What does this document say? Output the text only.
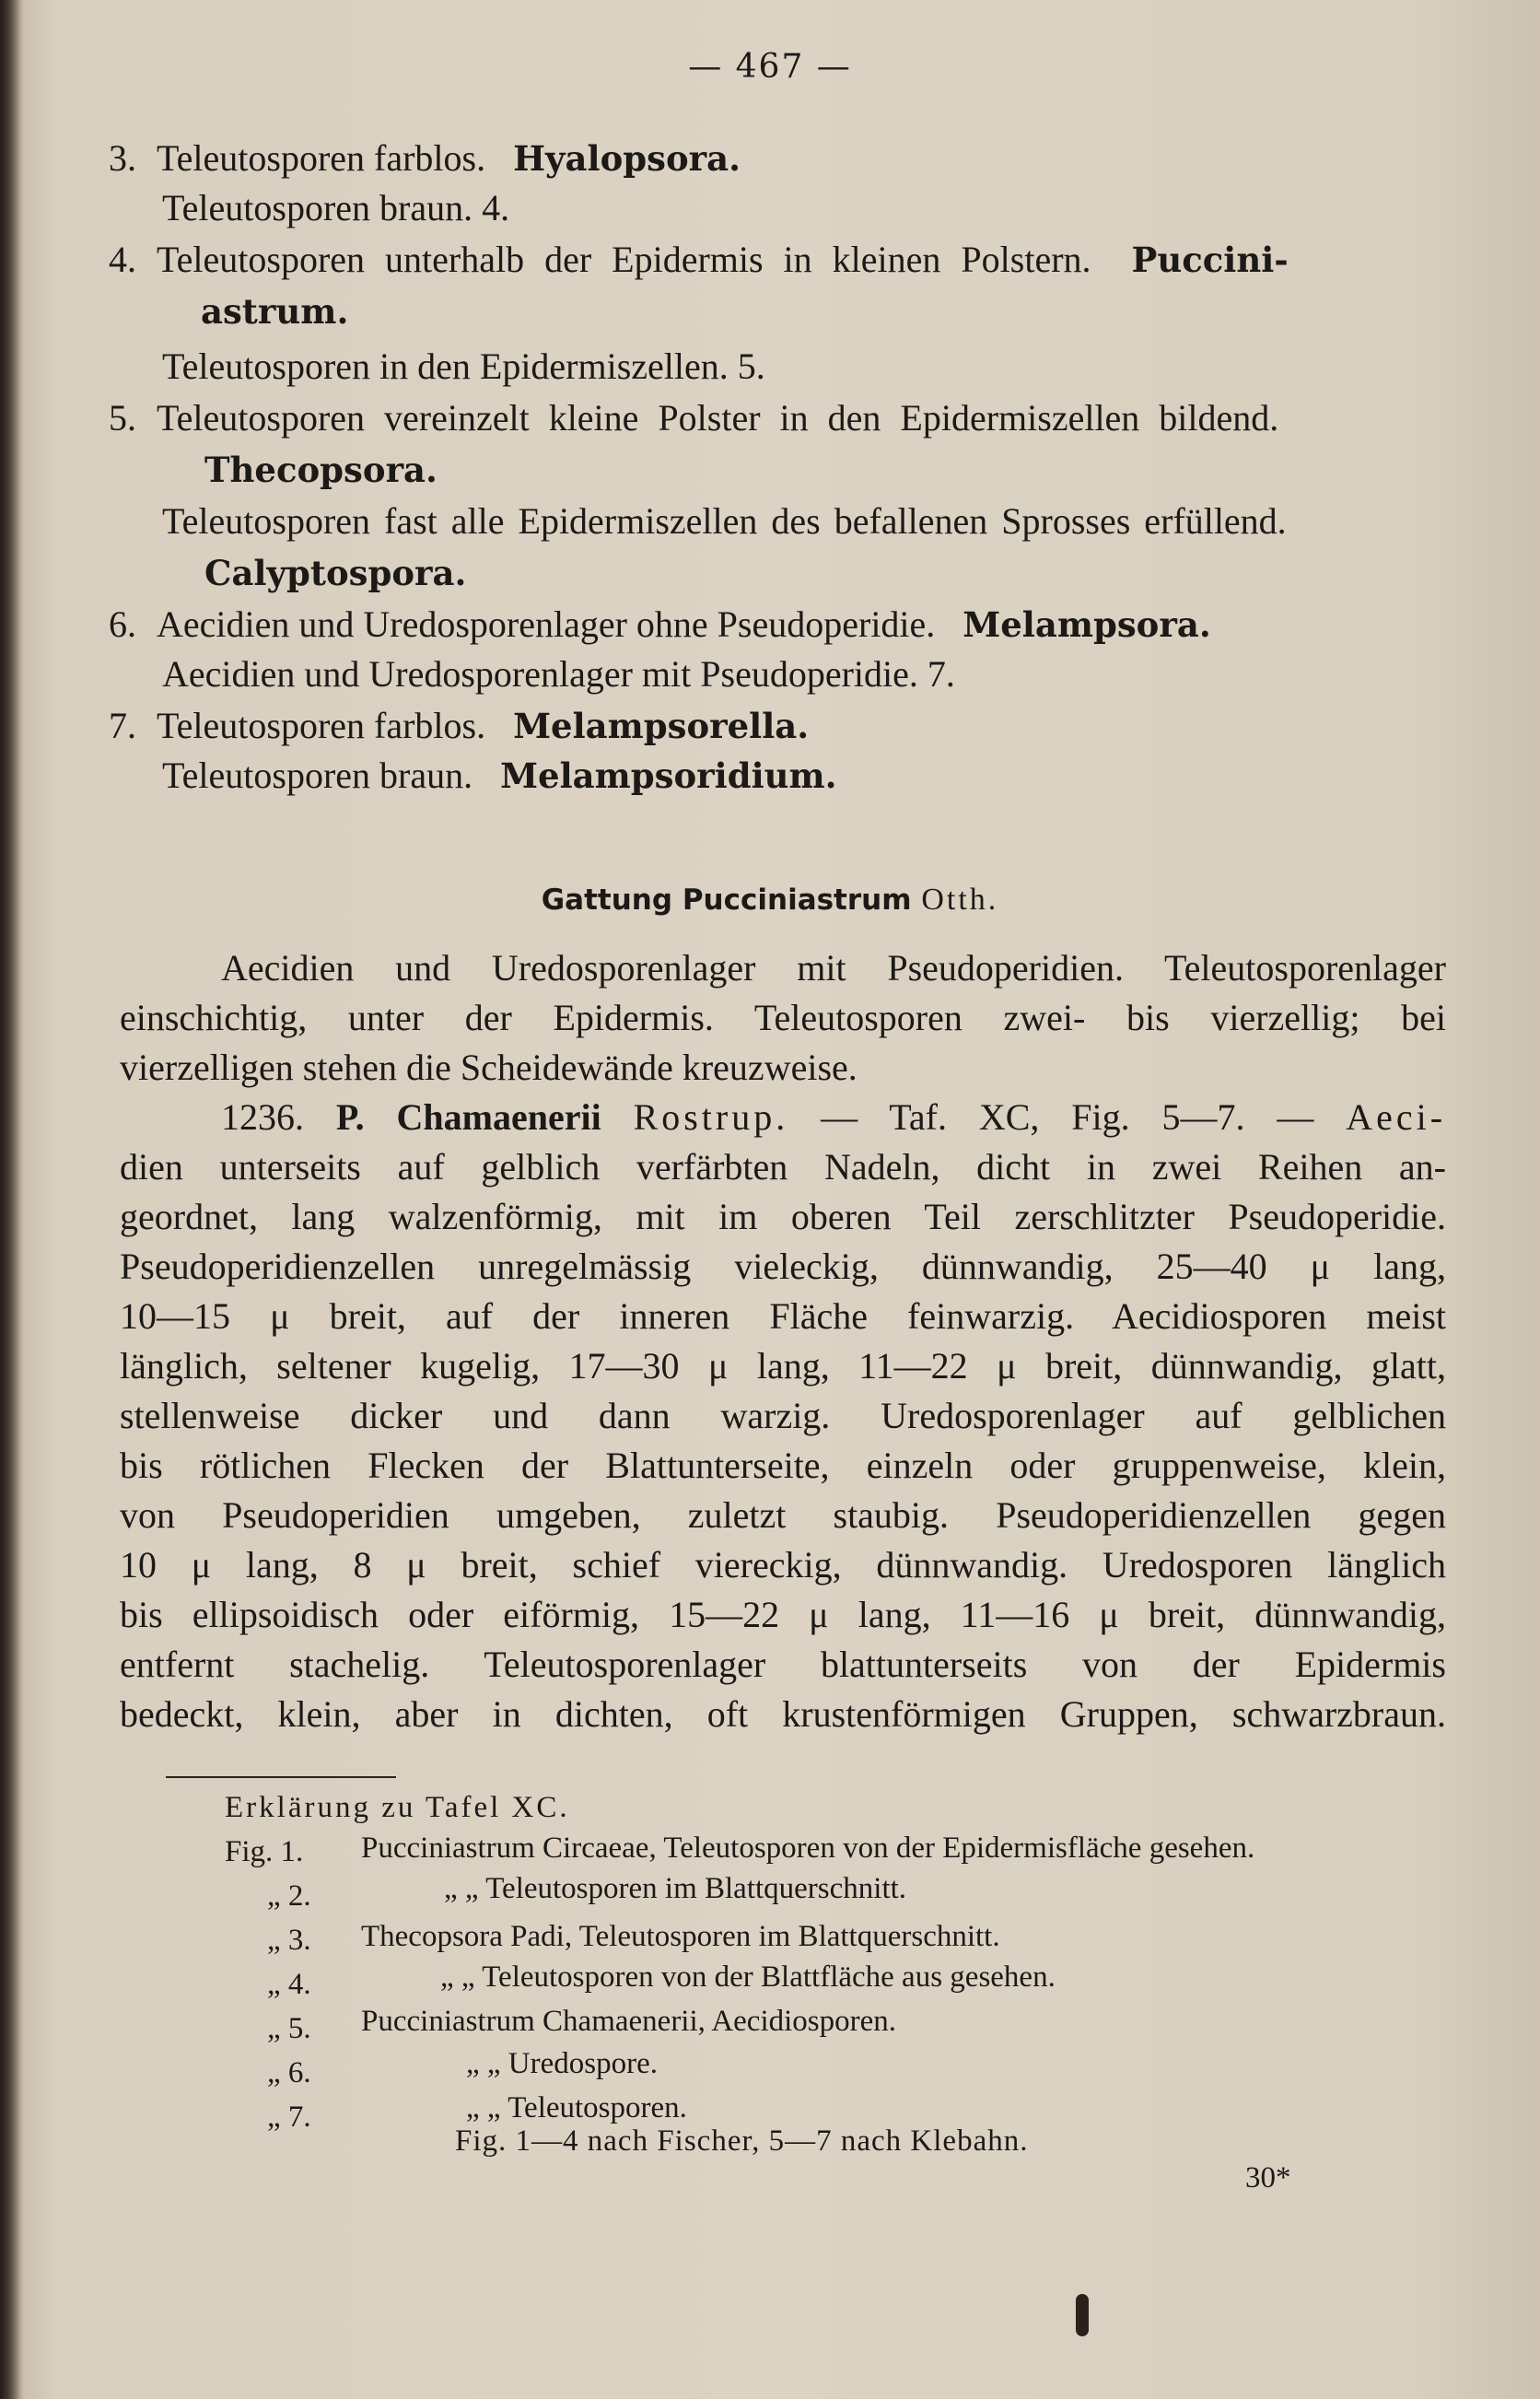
— 467 —
3. Teleutosporen farblos. Hyalopsora.
Teleutosporen braun. 4.
4. Teleutosporen unterhalb der Epidermis in kleinen Polstern. Puccini-
astrum.
Teleutosporen in den Epidermiszellen. 5.
5. Teleutosporen vereinzelt kleine Polster in den Epidermiszellen bildend.
Thecopsora.
Teleutosporen fast alle Epidermiszellen des befallenen Sprosses erfüllend.
Calyptospora.
6. Aecidien und Uredosporenlager ohne Pseudoperidie. Melampsora.
Aecidien und Uredosporenlager mit Pseudoperidie. 7.
7. Teleutosporen farblos. Melampsorella.
Teleutosporen braun. Melampsoridium.
Gattung Pucciniastrum Otth.
Aecidien und Uredosporenlager mit Pseudoperidien. Teleutosporenlager
einschichtig, unter der Epidermis. Teleutosporen zwei- bis vierzellig; bei
vierzelligen stehen die Scheidewände kreuzweise.
1236. P. Chamaenerii Rostrup. — Taf. XC, Fig. 5—7. — Aeci-
dien unterseits auf gelblich verfärbten Nadeln, dicht in zwei Reihen an-
geordnet, lang walzenförmig, mit im oberen Teil zerschlitzter Pseudoperidie.
Pseudoperidienzellen unregelmässig vieleckig, dünnwandig, 25—40 μ lang,
10—15 μ breit, auf der inneren Fläche feinwarzig. Aecidiosporen meist
länglich, seltener kugelig, 17—30 μ lang, 11—22 μ breit, dünnwandig, glatt,
stellenweise dicker und dann warzig. Uredosporenlager auf gelblichen
bis rötlichen Flecken der Blattunterseite, einzeln oder gruppenweise, klein,
von Pseudoperidien umgeben, zuletzt staubig. Pseudoperidienzellen gegen
10 μ lang, 8 μ breit, schief viereckig, dünnwandig. Uredosporen länglich
bis ellipsoidisch oder eiförmig, 15—22 μ lang, 11—16 μ breit, dünnwandig,
entfernt stachelig. Teleutosporenlager blattunterseits von der Epidermis
bedeckt, klein, aber in dichten, oft krustenförmigen Gruppen, schwarzbraun.
Erklärung zu Tafel XC.
Fig. 1. Pucciniastrum Circaeae, Teleutosporen von der Epidermisfläche gesehen.
„ 2.	„ „ Teleutosporen im Blattquerschnitt.
„ 3. Thecopsora Padi, Teleutosporen im Blattquerschnitt.
„ 4.	„ „ Teleutosporen von der Blattfläche aus gesehen.
„ 5. Pucciniastrum Chamaenerii, Aecidiosporen.
„ 6.	„ „ Uredospore.
„ 7.	„ „ Teleutosporen.
Fig. 1—4 nach Fischer, 5—7 nach Klebahn.
30*
